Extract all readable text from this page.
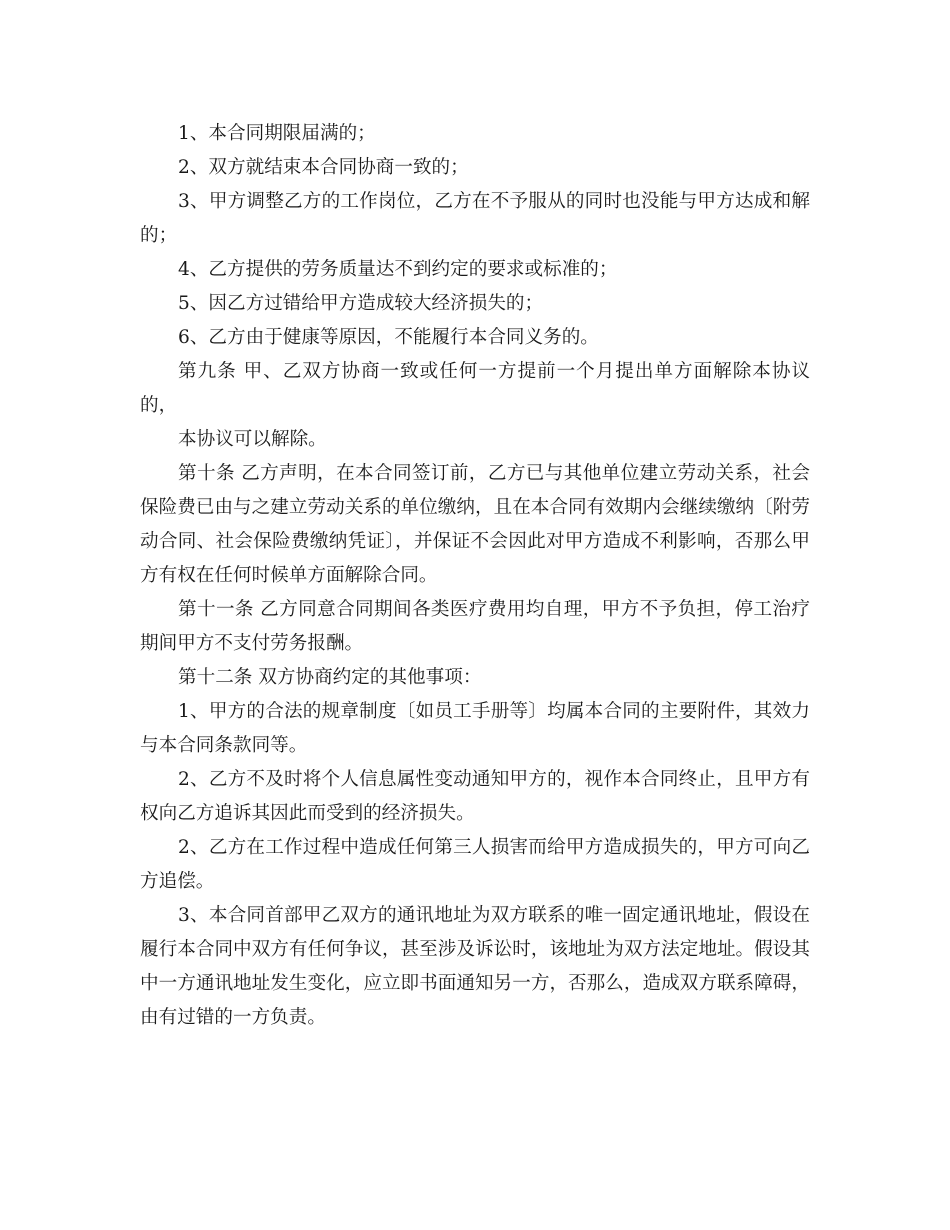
1、本合同期限届满的；

2、双方就结束本合同协商一致的；

3、甲方调整乙方的工作岗位，乙方在不予服从的同时也没能与甲方达成和解的；

4、乙方提供的劳务质量达不到约定的要求或标准的；

5、因乙方过错给甲方造成较大经济损失的；

6、乙方由于健康等原因，不能履行本合同义务的。

第九条 甲、乙双方协商一致或任何一方提前一个月提出单方面解除本协议的，

本协议可以解除。

第十条 乙方声明，在本合同签订前，乙方已与其他单位建立劳动关系，社会保险费已由与之建立劳动关系的单位缴纳，且在本合同有效期内会继续缴纳〔附劳动合同、社会保险费缴纳凭证〕，并保证不会因此对甲方造成不利影响，否那么甲方有权在任何时候单方面解除合同。

第十一条 乙方同意合同期间各类医疗费用均自理，甲方不予负担，停工治疗期间甲方不支付劳务报酬。

第十二条 双方协商约定的其他事项：

1、甲方的合法的规章制度〔如员工手册等〕均属本合同的主要附件，其效力与本合同条款同等。

2、乙方不及时将个人信息属性变动通知甲方的，视作本合同终止，且甲方有权向乙方追诉其因此而受到的经济损失。

2、乙方在工作过程中造成任何第三人损害而给甲方造成损失的，甲方可向乙方追偿。

3、本合同首部甲乙双方的通讯地址为双方联系的唯一固定通讯地址，假设在履行本合同中双方有任何争议，甚至涉及诉讼时，该地址为双方法定地址。假设其中一方通讯地址发生变化，应立即书面通知另一方，否那么，造成双方联系障碍，由有过错的一方负责。
